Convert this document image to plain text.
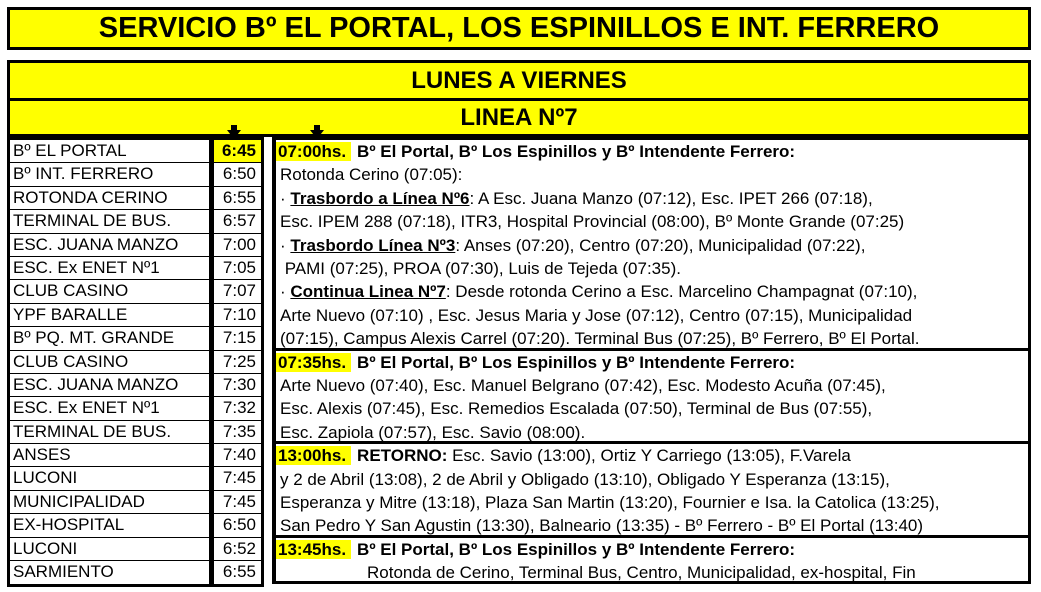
SERVICIO Bº EL PORTAL, LOS ESPINILLOS E INT. FERRERO
LUNES A VIERNES
LINEA Nº7
Bº EL PORTAL	6:45
Bº INT. FERRERO	6:50
ROTONDA CERINO	6:55
TERMINAL DE BUS.	6:57
ESC. JUANA MANZO	7:00
ESC. Ex ENET Nº1	7:05
CLUB CASINO	7:07
YPF BARALLE	7:10
Bº PQ. MT. GRANDE	7:15
CLUB CASINO	7:25
ESC. JUANA MANZO	7:30
ESC. Ex ENET Nº1	7:32
TERMINAL DE BUS.	7:35
ANSES	7:40
LUCONI	7:45
MUNICIPALIDAD	7:45
EX-HOSPITAL	6:50
LUCONI	6:52
SARMIENTO	6:55
07:00hs. Bº El Portal, Bº Los Espinillos y Bº Intendente Ferrero:
Rotonda Cerino (07:05):
· Trasbordo a Línea Nº6: A Esc. Juana Manzo (07:12), Esc. IPET 266 (07:18),
Esc. IPEM 288 (07:18), ITR3, Hospital Provincial (08:00), Bº Monte Grande (07:25)
· Trasbordo Línea Nº3: Anses (07:20), Centro (07:20), Municipalidad (07:22),
PAMI (07:25), PROA (07:30), Luis de Tejeda (07:35).
· Continua Linea Nº7: Desde rotonda Cerino a Esc. Marcelino Champagnat (07:10),
Arte Nuevo (07:10) , Esc. Jesus Maria y Jose (07:12), Centro (07:15), Municipalidad
(07:15), Campus Alexis Carrel (07:20). Terminal Bus (07:25), Bº Ferrero, Bº El Portal.
07:35hs. Bº El Portal, Bº Los Espinillos y Bº Intendente Ferrero:
Arte Nuevo (07:40), Esc. Manuel Belgrano (07:42), Esc. Modesto Acuña (07:45),
Esc. Alexis (07:45), Esc. Remedios Escalada (07:50), Terminal de Bus (07:55),
Esc. Zapiola (07:57), Esc. Savio (08:00).
13:00hs. RETORNO: Esc. Savio (13:00), Ortiz Y Carriego (13:05), F.Varela
y 2 de Abril (13:08), 2 de Abril y Obligado (13:10), Obligado Y Esperanza (13:15),
Esperanza y Mitre (13:18), Plaza San Martin (13:20), Fournier e Isa. la Catolica (13:25),
San Pedro Y San Agustin (13:30), Balneario (13:35) - Bº Ferrero - Bº El Portal (13:40)
13:45hs. Bº El Portal, Bº Los Espinillos y Bº Intendente Ferrero:
Rotonda de Cerino, Terminal Bus, Centro, Municipalidad, ex-hospital, Fin
